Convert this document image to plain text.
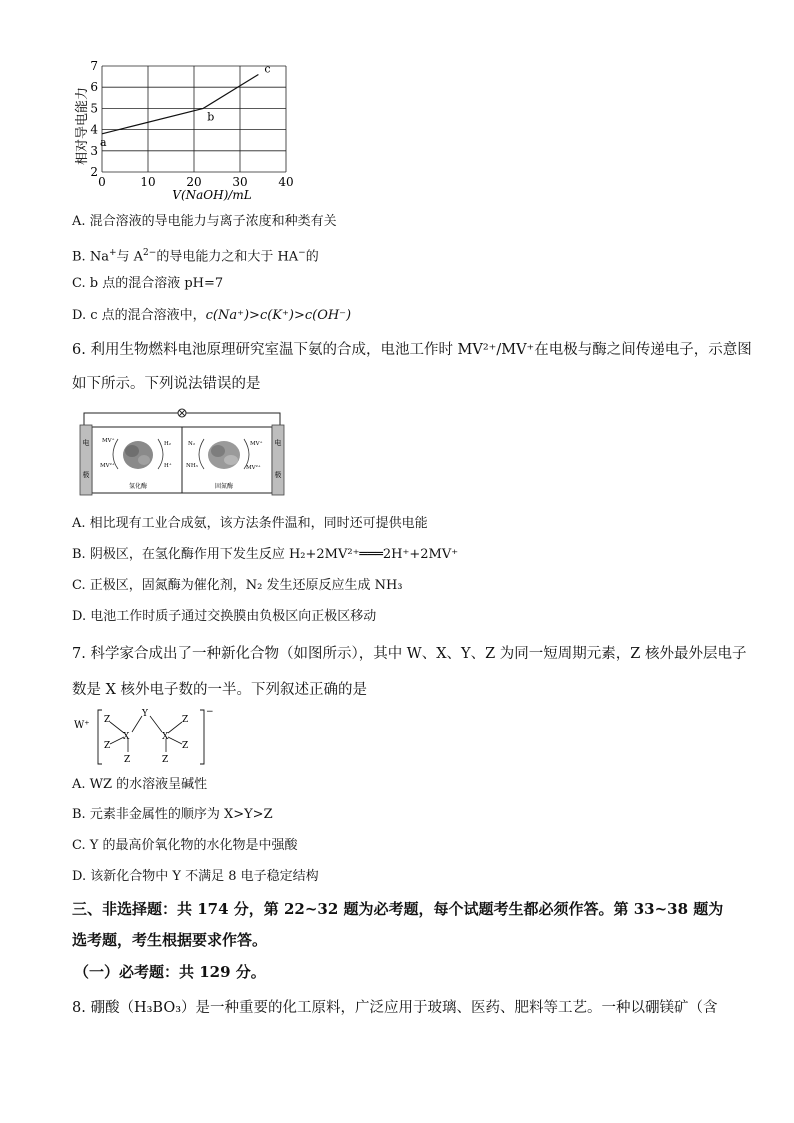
相对导电能力
2
3
4
5
6
7
0	10	20	30	40
a
b
c
V(NaOH)/mL
A. 混合溶液的导电能力与离子浓度和种类有关
B. Na+与 $A^{2-}$的导电能力之和大于 HA−的
C. b 点的混合溶液 pH=7
D. c 点的混合溶液中，c(Na⁺)>c(K⁺)>c(OH⁻)
6. 利用生物燃料电池原理研究室温下氨的合成，电池工作时 MV²⁺/MV⁺在电极与酶之间传递电子，示意图
如下所示。下列说法错误的是
电
极
电
极
MV⁺
MV²⁺
H₂
H⁺
氢化酶
N₂
NH₃
MV⁺
MV²⁺
固氮酶
A. 相比现有工业合成氨，该方法条件温和，同时还可提供电能
B. 阴极区，在氢化酶作用下发生反应 H₂+2MV²⁺═══2H⁺+2MV⁺
C. 正极区，固氮酶为催化剂，N₂ 发生还原反应生成 NH₃
D. 电池工作时质子通过交换膜由负极区向正极区移动
7. 科学家合成出了一种新化合物（如图所示），其中 W、X、Y、Z 为同一短周期元素，Z 核外最外层电子
数是 X 核外电子数的一半。下列叙述正确的是
W⁺
−
Z
Z
X
Z
Y
X
Z
Z
Z
A. WZ 的水溶液呈碱性
B. 元素非金属性的顺序为 X>Y>Z
C. Y 的最高价氧化物的水化物是中强酸
D. 该新化合物中 Y 不满足 8 电子稳定结构
三、非选择题：共 174 分，第 22~32 题为必考题，每个试题考生都必须作答。第 33~38 题为
选考题，考生根据要求作答。
（一）必考题：共 129 分。
8. 硼酸（H₃BO₃）是一种重要的化工原料，广泛应用于玻璃、医药、肥料等工艺。一种以硼镁矿（含
